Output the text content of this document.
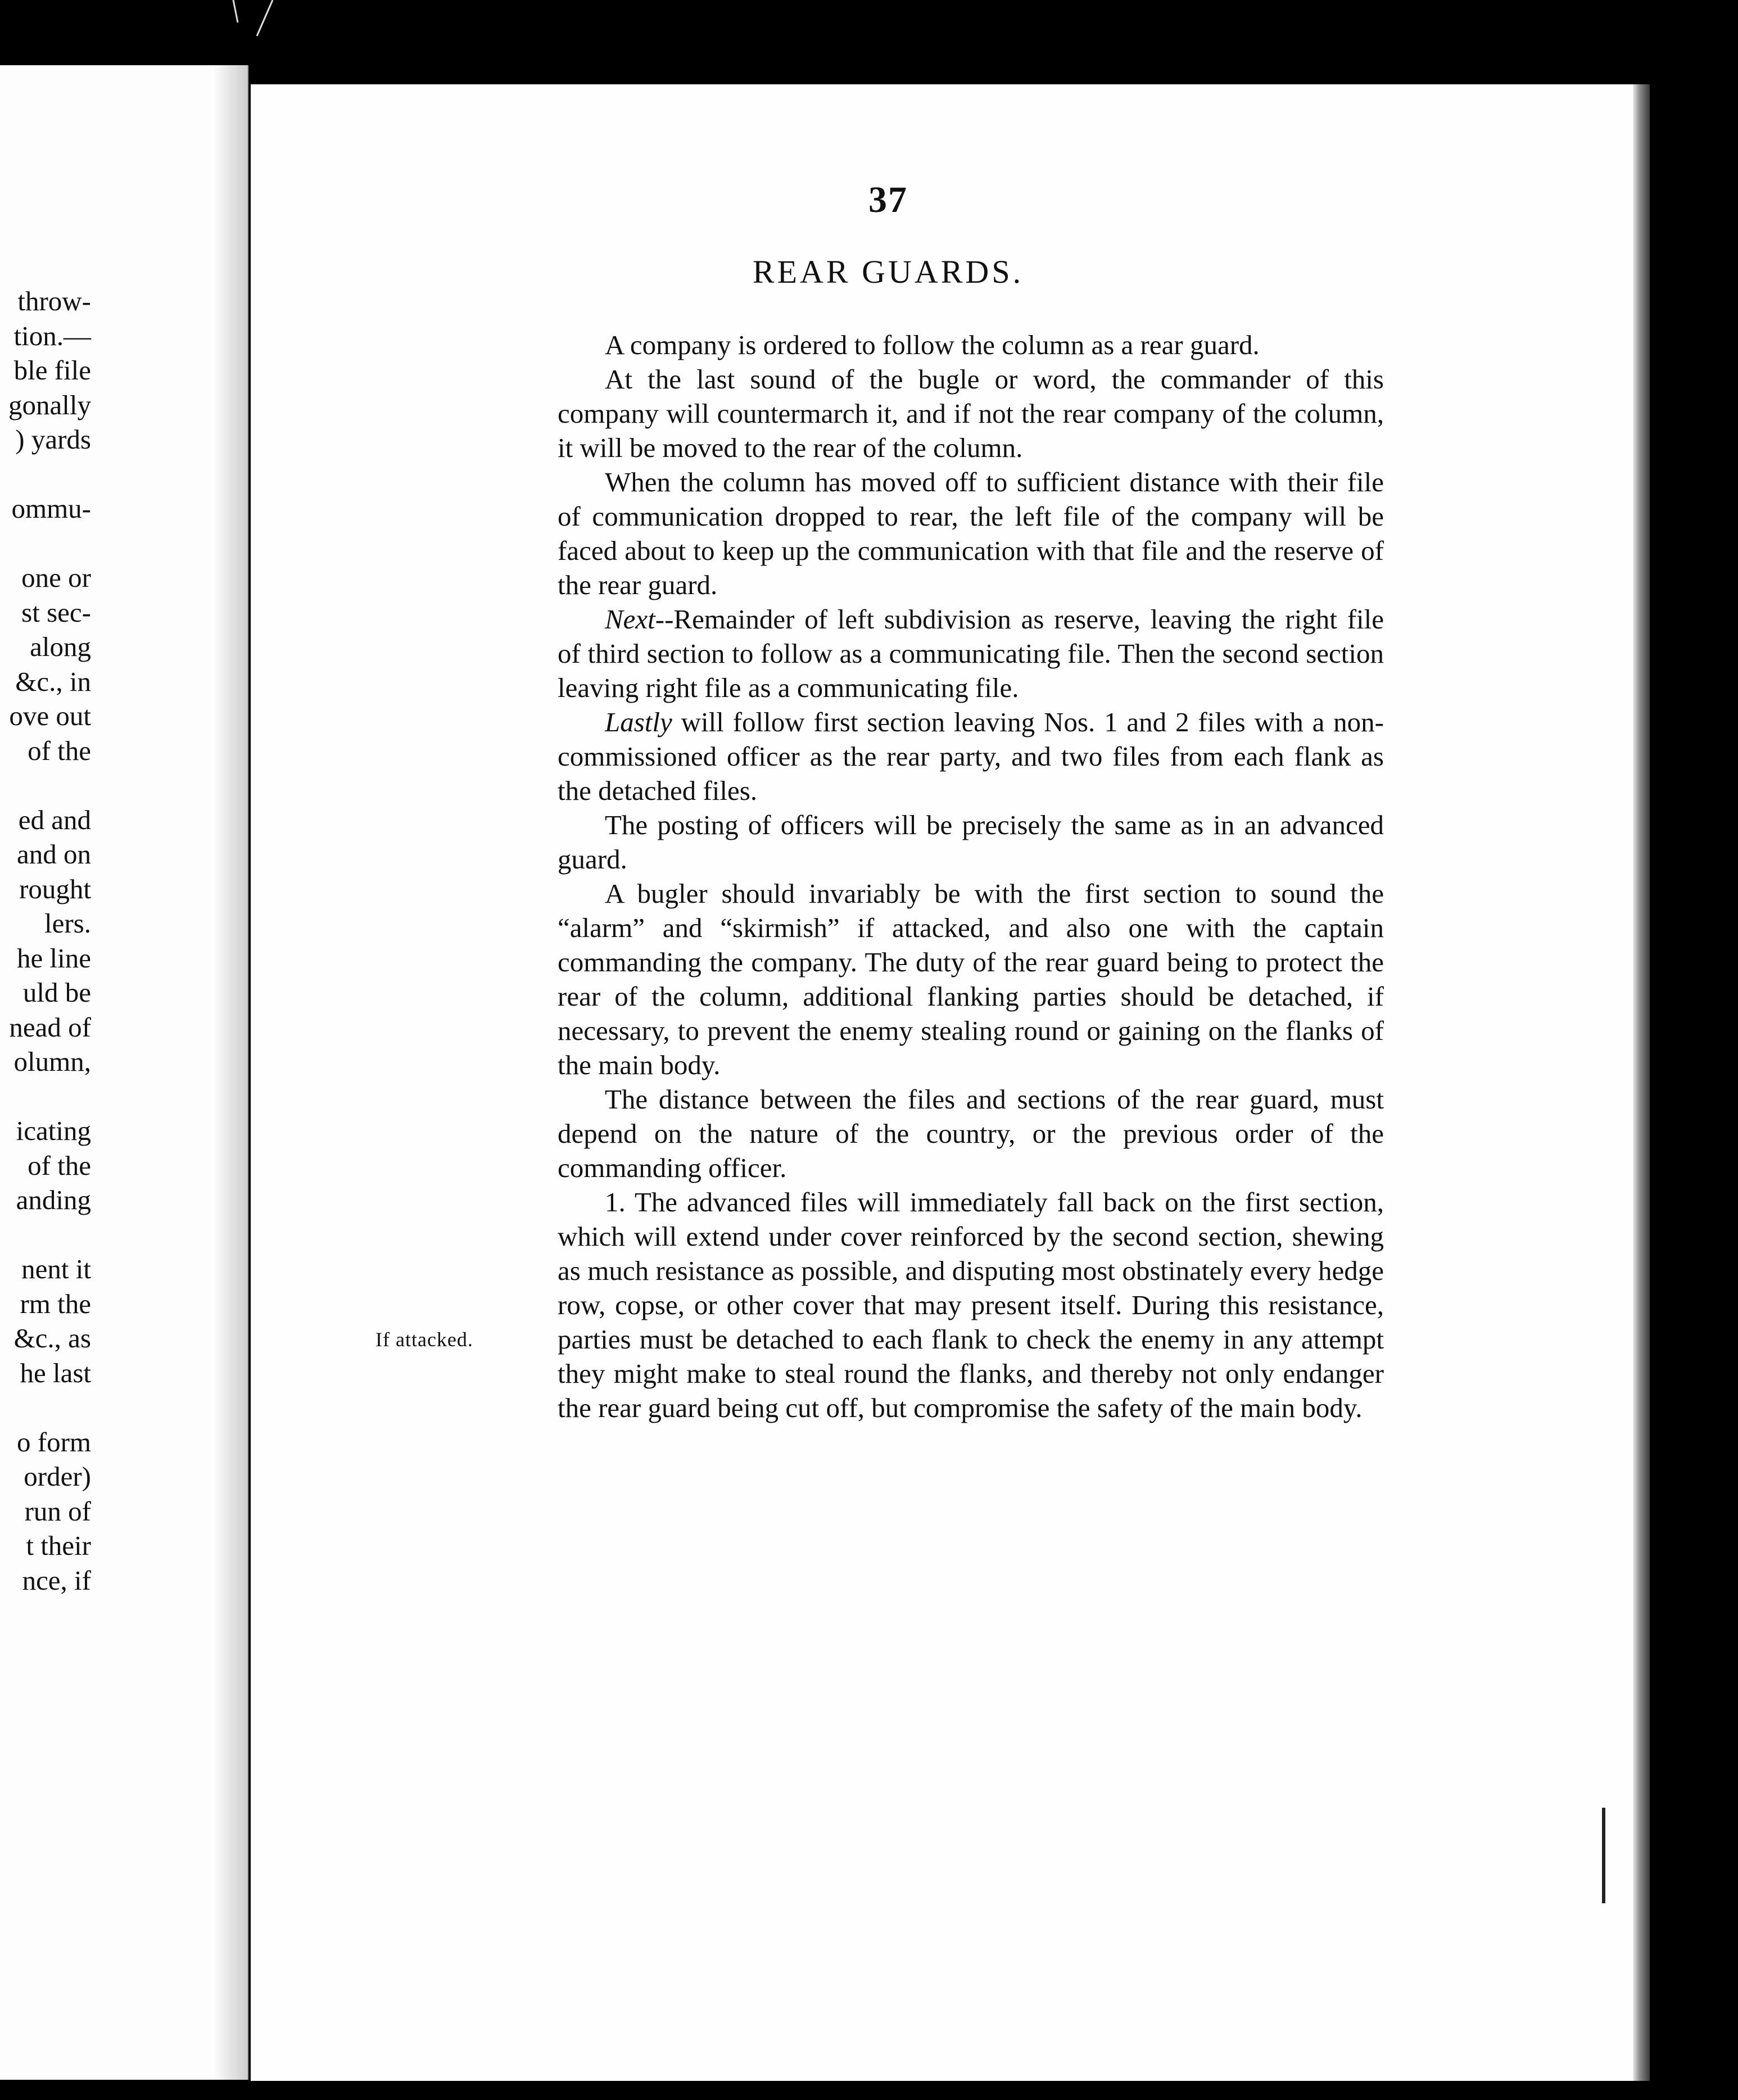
throw-
tion.—
ble file
gonally
) yards
ommu-
one or
st sec-
along
&c., in
ove out
of the
ed and
and on
rought
lers.
he line
uld be
nead of
olumn,
icating
of the
anding
nent it
rm the
&c., as
he last
o form
order)
run of
t their
nce, if
37
REAR GUARDS.
If attacked.

A company is ordered to follow the column as a rear guard.

At the last sound of the bugle or word, the commander of this company will countermarch it, and if not the rear company of the column, it will be moved to the rear of the column.

When the column has moved off to sufficient distance with their file of communication dropped to rear, the left file of the company will be faced about to keep up the communication with that file and the reserve of the rear guard.

Next--Remainder of left subdivision as reserve, leaving the right file of third section to follow as a communicating file. Then the second section leaving right file as a communicating file.

Lastly will follow first section leaving Nos. 1 and 2 files with a non-commissioned officer as the rear party, and two files from each flank as the detached files.

The posting of officers will be precisely the same as in an advanced guard.

A bugler should invariably be with the first section to sound the “alarm” and “skirmish” if attacked, and also one with the captain commanding the company. The duty of the rear guard being to protect the rear of the column, additional flanking parties should be detached, if necessary, to prevent the enemy stealing round or gaining on the flanks of the main body.

The distance between the files and sections of the rear guard, must depend on the nature of the country, or the previous order of the commanding officer.

1. The advanced files will immediately fall back on the first section, which will extend under cover reinforced by the second section, shewing as much resistance as possible, and disputing most obstinately every hedge row, copse, or other cover that may present itself. During this resistance, parties must be detached to each flank to check the enemy in any attempt they might make to steal round the flanks, and thereby not only endanger the rear guard being cut off, but compromise the safety of the main body.
